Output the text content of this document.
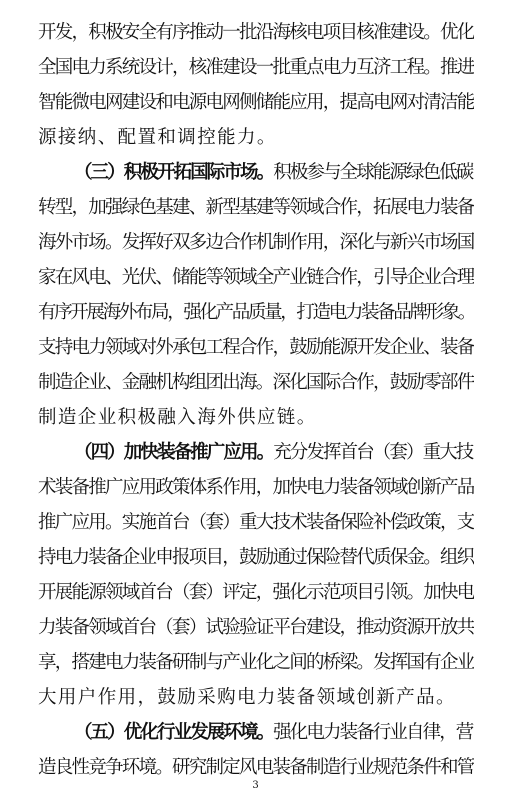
开发，积极安全有序推动一批沿海核电项目核准建设。优化
全国电力系统设计，核准建设一批重点电力互济工程。推进
智能微电网建设和电源电网侧储能应用，提高电网对清洁能
源接纳、配置和调控能力。
（三）积极开拓国际市场。积极参与全球能源绿色低碳
转型，加强绿色基建、新型基建等领域合作，拓展电力装备
海外市场。发挥好双多边合作机制作用，深化与新兴市场国
家在风电、光伏、储能等领域全产业链合作，引导企业合理
有序开展海外布局，强化产品质量，打造电力装备品牌形象。
支持电力领域对外承包工程合作，鼓励能源开发企业、装备
制造企业、金融机构组团出海。深化国际合作，鼓励零部件
制造企业积极融入海外供应链。
（四）加快装备推广应用。充分发挥首台（套）重大技
术装备推广应用政策体系作用，加快电力装备领域创新产品
推广应用。实施首台（套）重大技术装备保险补偿政策，支
持电力装备企业申报项目，鼓励通过保险替代质保金。组织
开展能源领域首台（套）评定，强化示范项目引领。加快电
力装备领域首台（套）试验验证平台建设，推动资源开放共
享，搭建电力装备研制与产业化之间的桥梁。发挥国有企业
大用户作用，鼓励采购电力装备领域创新产品。
（五）优化行业发展环境。强化电力装备行业自律，营
造良性竞争环境。研究制定风电装备制造行业规范条件和管
3
